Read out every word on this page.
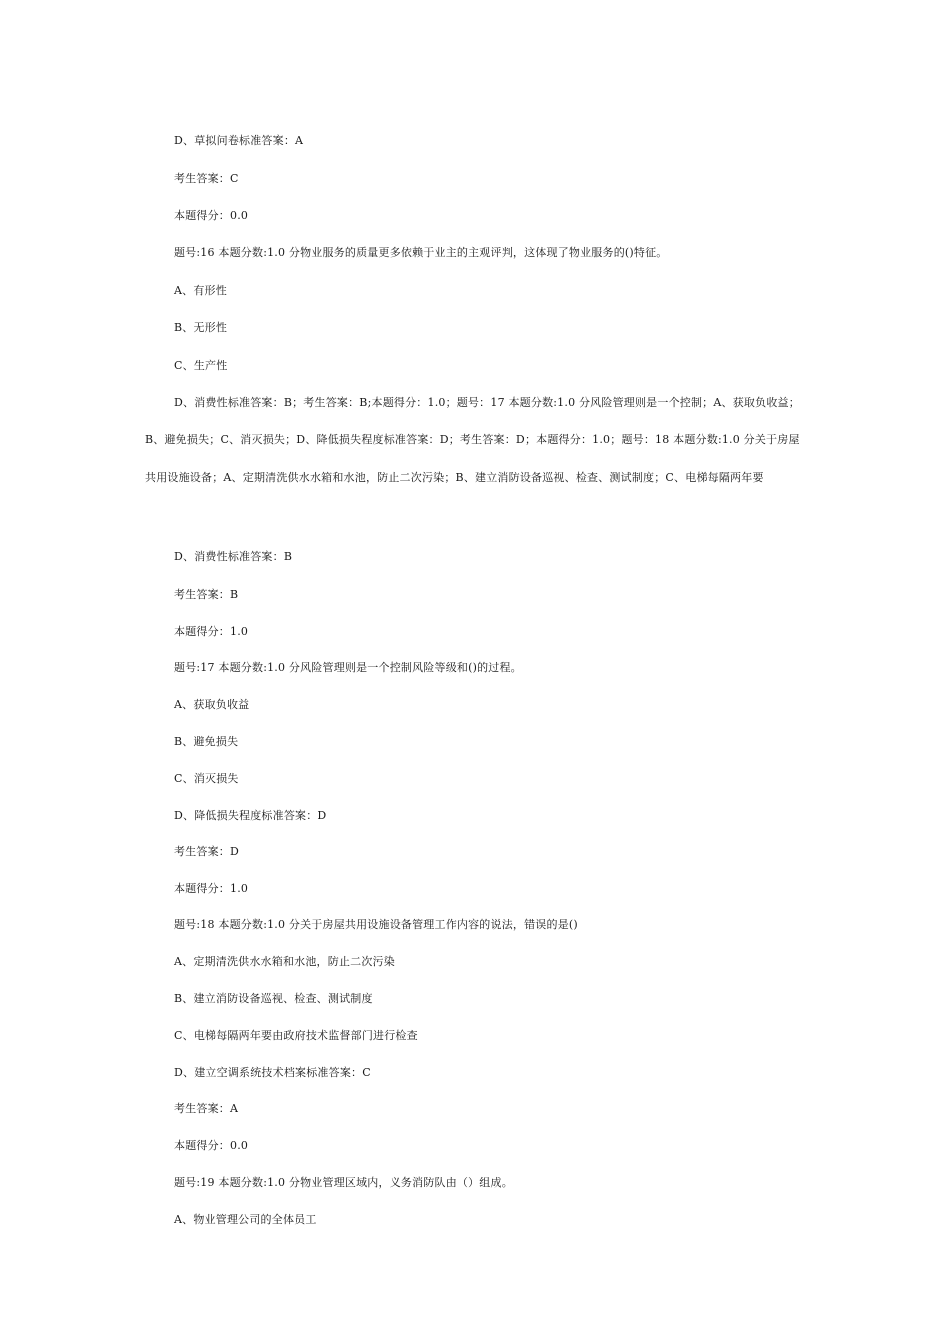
D、草拟问卷标准答案：A
考生答案：C
本题得分：0.0
题号:16 本题分数:1.0 分物业服务的质量更多依赖于业主的主观评判，这体现了物业服务的()特征。
A、有形性
B、无形性
C、生产性
D、消费性标准答案：B；考生答案：B;本题得分：1.0；题号：17 本题分数:1.0 分风险管理则是一个控制；A、获取负收益；
B、避免损失；C、消灭损失；D、降低损失程度标准答案：D；考生答案：D；本题得分：1.0；题号：18 本题分数:1.0 分关于房屋
共用设施设备；A、定期清洗供水水箱和水池，防止二次污染；B、建立消防设备巡视、检查、测试制度；C、电梯每隔两年要
D、消费性标准答案：B
考生答案：B
本题得分：1.0
题号:17 本题分数:1.0 分风险管理则是一个控制风险等级和()的过程。
A、获取负收益
B、避免损失
C、消灭损失
D、降低损失程度标准答案：D
考生答案：D
本题得分：1.0
题号:18 本题分数:1.0 分关于房屋共用设施设备管理工作内容的说法，错误的是()
A、定期清洗供水水箱和水池，防止二次污染
B、建立消防设备巡视、检查、测试制度
C、电梯每隔两年要由政府技术监督部门进行检查
D、建立空调系统技术档案标准答案：C
考生答案：A
本题得分：0.0
题号:19 本题分数:1.0 分物业管理区域内，义务消防队由（）组成。
A、物业管理公司的全体员工
